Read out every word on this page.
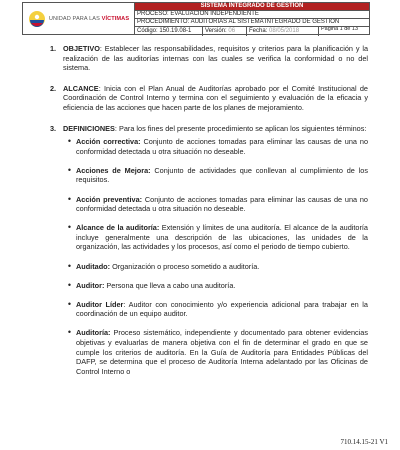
UNIDAD PARA LAS VÍCTIMAS
SISTEMA INTEGRADO DE GESTIÓN
PROCESO: EVALUACIÓN INDEPENDIENTE
PROCEDIMIENTO: AUDITORIAS AL SISTEMA INTEGRADO DE GESTIÓN
Código: 150.19.08-1	Versión: 06	Fecha: 08/05/2018	Página 1 de 13
1. OBJETIVO: Establecer las responsabilidades, requisitos y criterios para la planificación y la realización de las auditorías internas con las cuales se verifica la conformidad o no del sistema.
2. ALCANCE: Inicia con el Plan Anual de Auditorías aprobado por el Comité Institucional de Coordinación de Control Interno y termina con el seguimiento y evaluación de la eficacia y eficiencia de las acciones que hacen parte de los planes de mejoramiento.
3. DEFINICIONES: Para los fines del presente procedimiento se aplican los siguientes términos:
• Acción correctiva: Conjunto de acciones tomadas para eliminar las causas de una no conformidad detectada u otra situación no deseable.
• Acciones de Mejora: Conjunto de actividades que conllevan al cumplimiento de los requisitos.
• Acción preventiva: Conjunto de acciones tomadas para eliminar las causas de una no conformidad detectada u otra situación no deseable.
• Alcance de la auditoría: Extensión y límites de una auditoría. El alcance de la auditoría incluye generalmente una descripción de las ubicaciones, las unidades de la organización, las actividades y los procesos, así como el periodo de tiempo cubierto.
• Auditado: Organización o proceso sometido a auditoría.
• Auditor: Persona que lleva a cabo una auditoría.
• Auditor Líder: Auditor con conocimiento y/o experiencia adicional para trabajar en la coordinación de un equipo auditor.
• Auditoría: Proceso sistemático, independiente y documentado para obtener evidencias objetivas y evaluarlas de manera objetiva con el fin de determinar el grado en que se cumple los criterios de auditoría. En la Guía de Auditoría para Entidades Públicas del DAFP, se determina que el proceso de Auditoría Interna adelantado por las Oficinas de Control Interno o
710.14.15-21 V1
